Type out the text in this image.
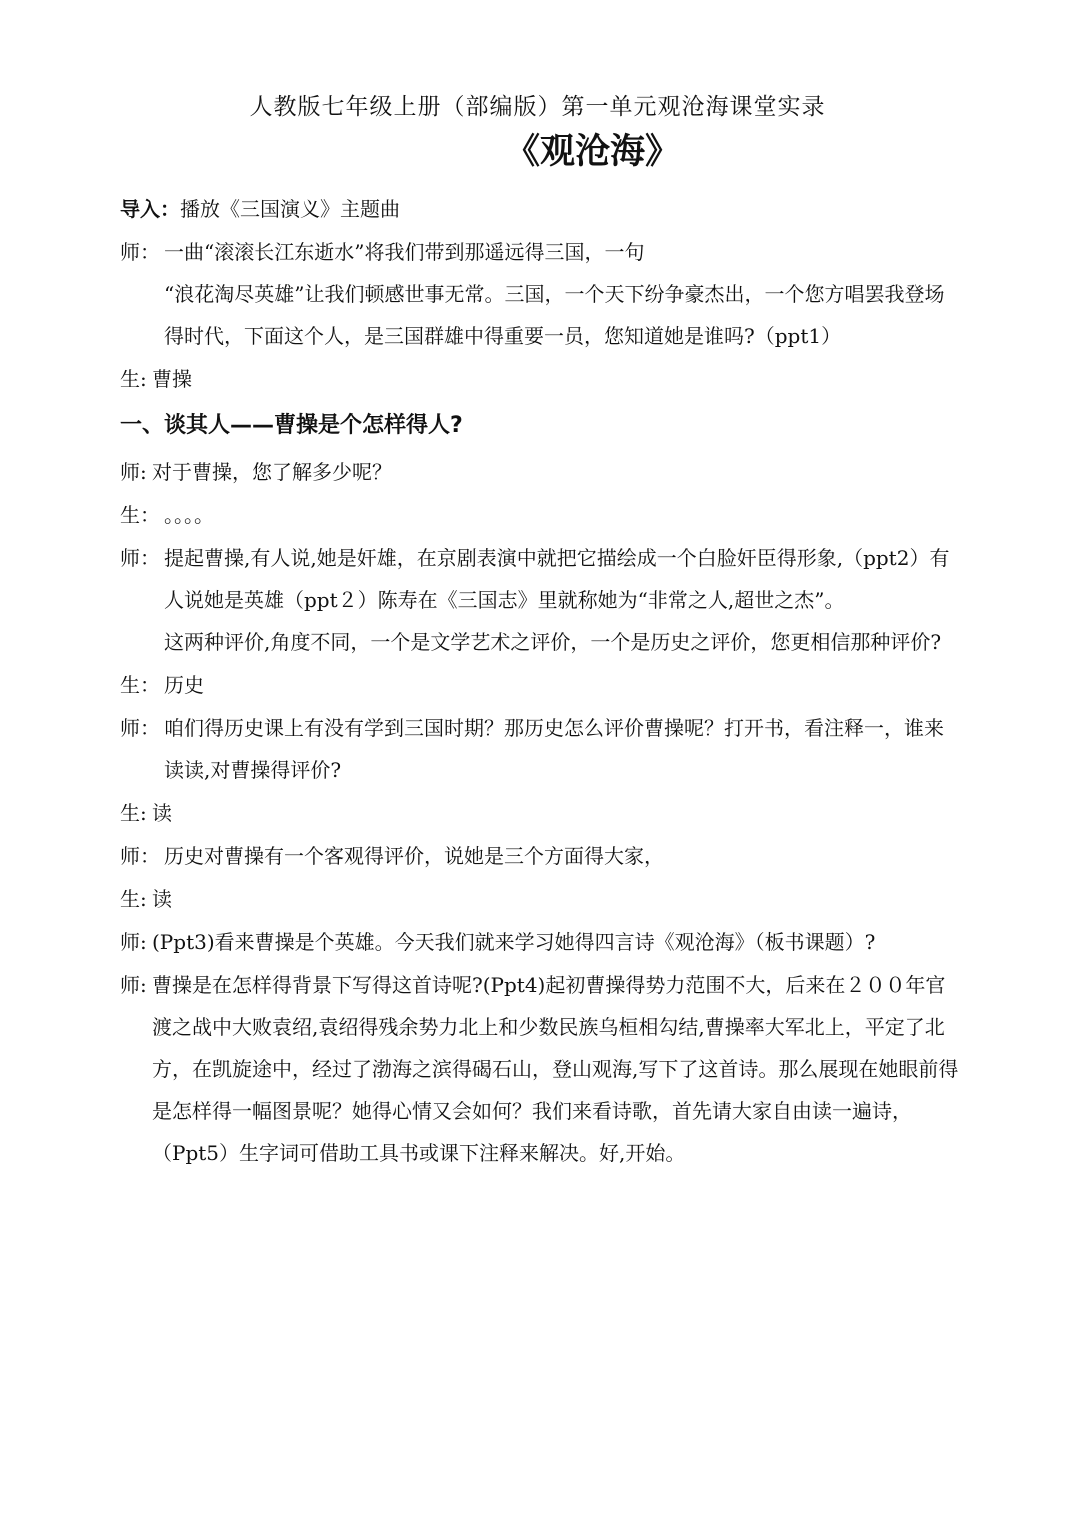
人教版七年级上册（部编版）第一单元观沧海课堂实录
《观沧海》
导入： 播放《三国演义》主题曲
师： 一曲“滚滚长江东逝水”将我们带到那遥远得三国，一句

“浪花淘尽英雄”让我们顿感世事无常。三国，一个天下纷争豪杰出，一个您方唱罢我登场得时代，下面这个人，是三国群雄中得重要一员，您知道她是谁吗?（ppt1）

生: 曹操

一、谈其人——曹操是个怎样得人?

师: 对于曹操，您了解多少呢？

生： 。。。。

师： 提起曹操,有人说,她是奸雄，在京剧表演中就把它描绘成一个白脸奸臣得形象,（ppt2）有人说她是英雄（ppt２）陈寿在《三国志》里就称她为“非常之人,超世之杰”。

这两种评价,角度不同，一个是文学艺术之评价，一个是历史之评价，您更相信那种评价?

生： 历史

师： 咱们得历史课上有没有学到三国时期？那历史怎么评价曹操呢？打开书，看注释一，谁来读读,对曹操得评价?

生: 读

师： 历史对曹操有一个客观得评价，说她是三个方面得大家，

生: 读

师: (Ppt3)看来曹操是个英雄。今天我们就来学习她得四言诗《观沧海》（板书课题）?

师: 曹操是在怎样得背景下写得这首诗呢?(Ppt4)起初曹操得势力范围不大，后来在２００年官渡之战中大败袁绍,袁绍得残余势力北上和少数民族乌桓相勾结,曹操率大军北上，平定了北方，在凯旋途中，经过了渤海之滨得碣石山，登山观海,写下了这首诗。那么展现在她眼前得是怎样得一幅图景呢？她得心情又会如何？我们来看诗歌，首先请大家自由读一遍诗，（Ppt5）生字词可借助工具书或课下注释来解决。好,开始。
